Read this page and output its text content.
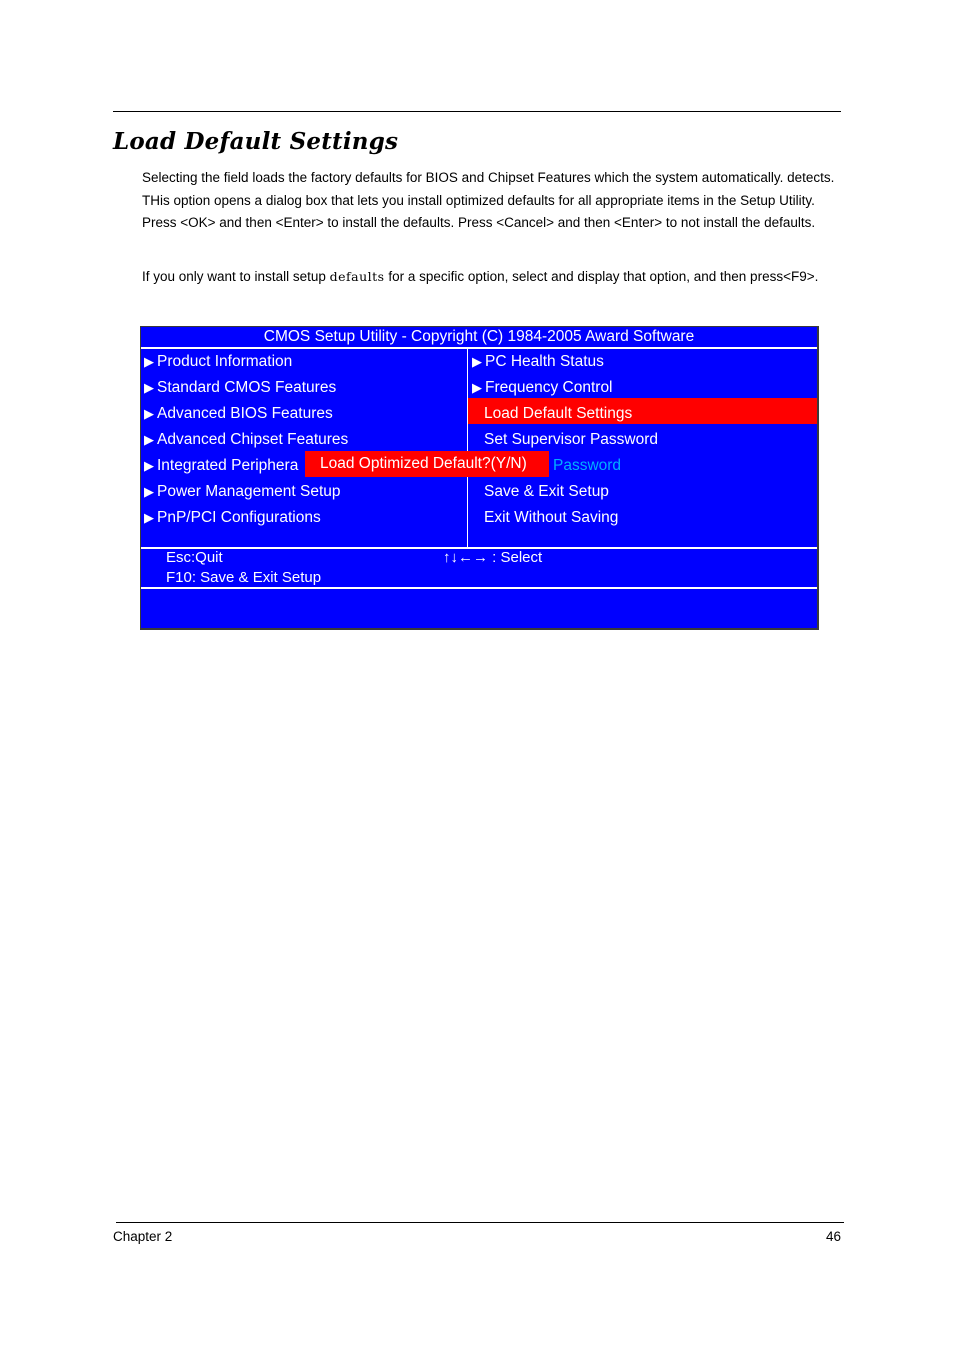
Load Default Settings

Selecting the field loads the factory defaults for BIOS and Chipset Features which the system automatically. detects. THis option opens a dialog box that lets you install optimized defaults for all appropriate items in the Setup Utility. Press <OK> and then <Enter> to install the defaults. Press <Cancel> and then <Enter> to not install the defaults.

If you only want to install setup defaults for a specific option, select and display that option, and then press<F9>.

CMOS Setup Utility - Copyright (C) 1984-2005 Award Software
▶ Product Information
▶ Standard CMOS Features
▶ Advanced BIOS Features
▶ Advanced Chipset Features
▶ Integrated Periphera
▶ Power Management Setup
▶ PnP/PCI Configurations
▶ PC Health Status
▶ Frequency Control
Load Default Settings
Set Supervisor Password
Password
Save & Exit Setup
Exit Without Saving
Load Optimized Default?(Y/N)
Esc:Quit	↑↓←→ : Select
F10: Save & Exit Setup
Chapter 2	46
